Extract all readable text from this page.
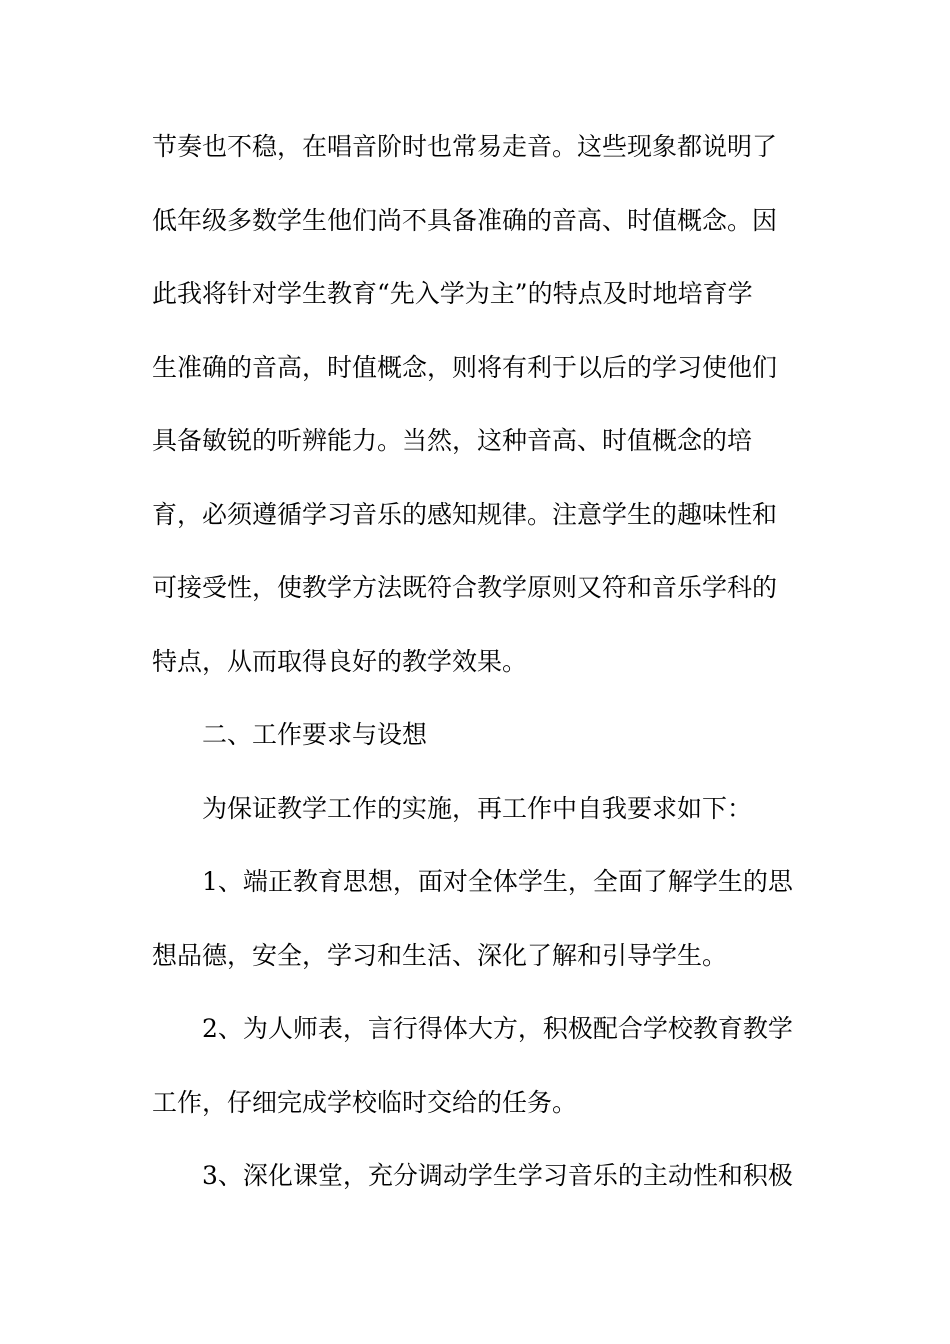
节奏也不稳，在唱音阶时也常易走音。这些现象都说明了
低年级多数学生他们尚不具备准确的音高、时值概念。因
此我将针对学生教育“先入学为主”的特点及时地培育学
生准确的音高，时值概念，则将有利于以后的学习使他们
具备敏锐的听辨能力。当然，这种音高、时值概念的培
育，必须遵循学习音乐的感知规律。注意学生的趣味性和
可接受性，使教学方法既符合教学原则又符和音乐学科的
特点，从而取得良好的教学效果。
二、工作要求与设想
为保证教学工作的实施，再工作中自我要求如下：
1、端正教育思想，面对全体学生，全面了解学生的思
想品德，安全，学习和生活、深化了解和引导学生。
2、为人师表，言行得体大方，积极配合学校教育教学
工作，仔细完成学校临时交给的任务。
3、深化课堂，充分调动学生学习音乐的主动性和积极
